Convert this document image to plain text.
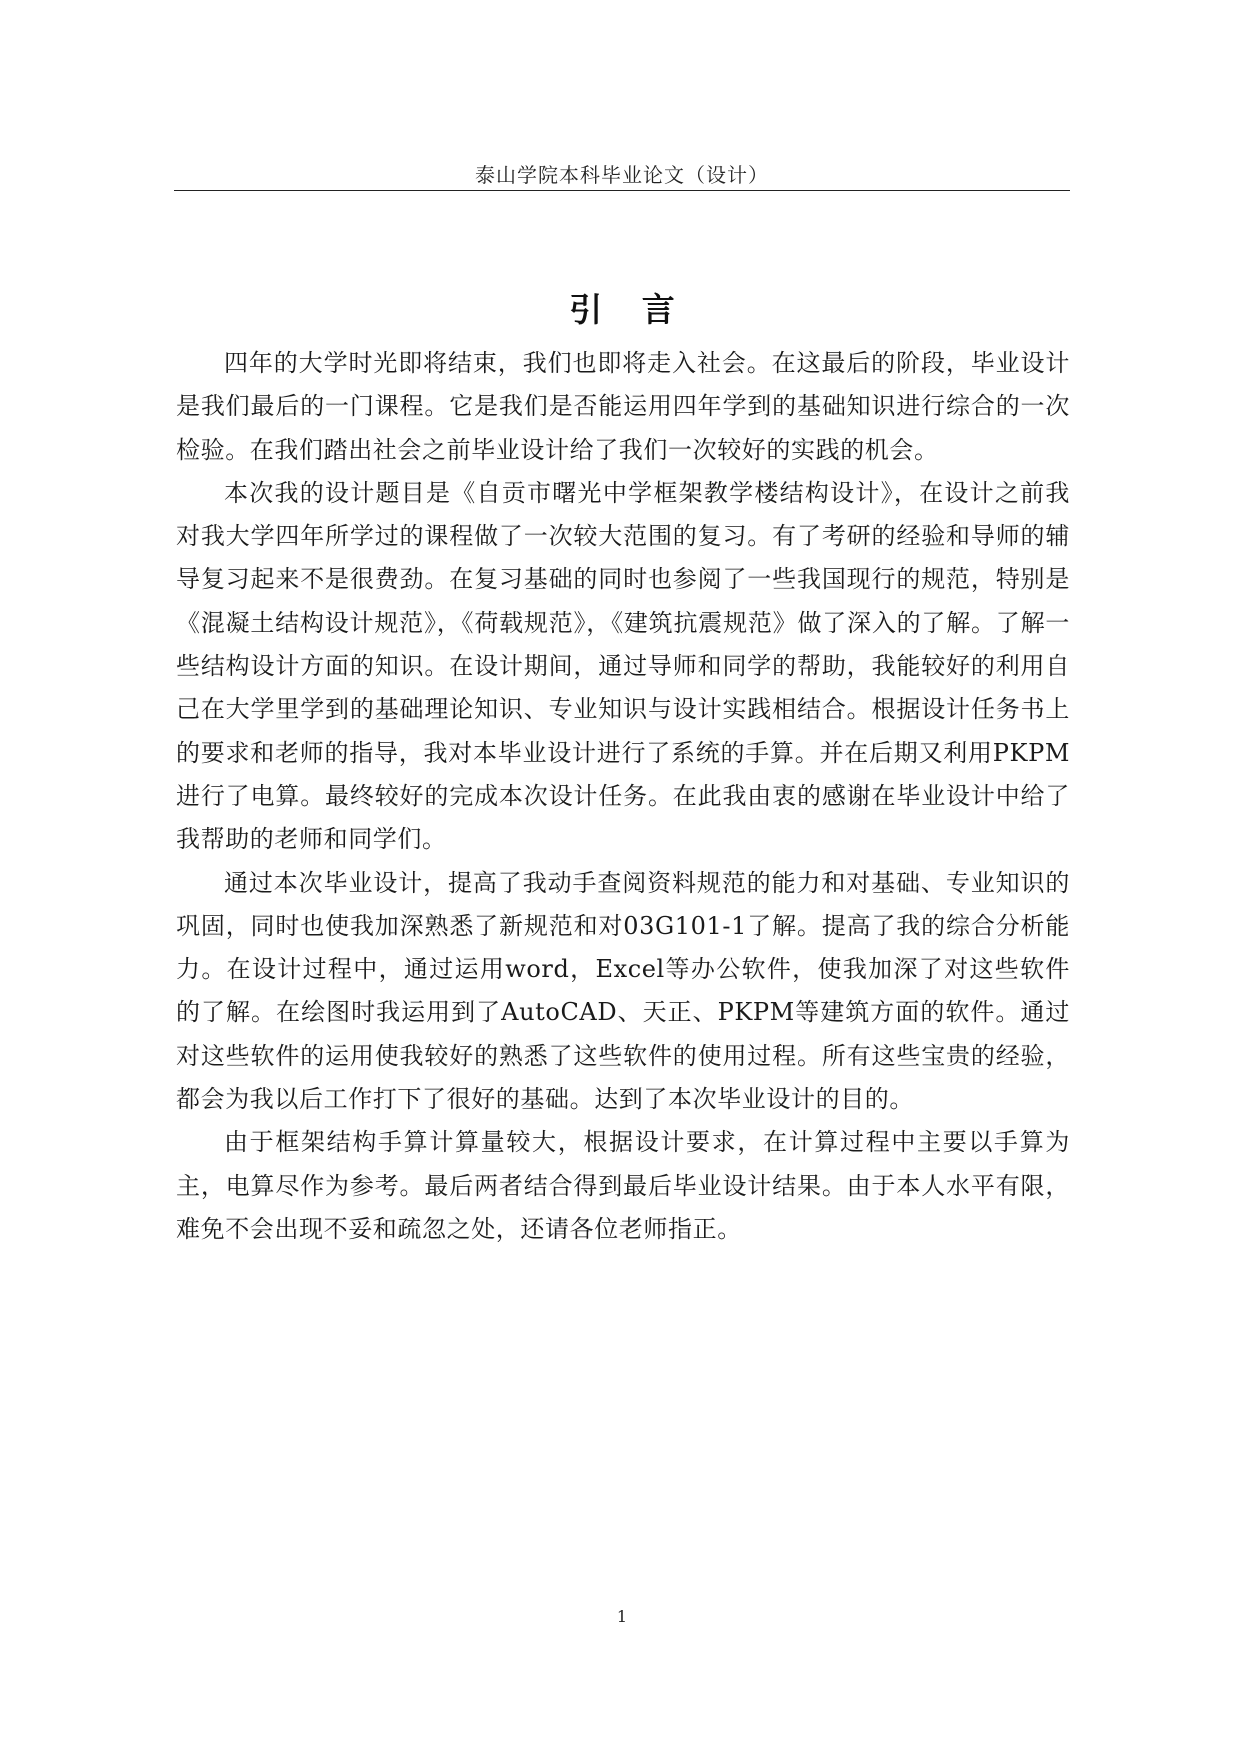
泰山学院本科毕业论文（设计）
引 言

四年的大学时光即将结束，我们也即将走入社会。在这最后的阶段，毕业设计是我们最后的一门课程。它是我们是否能运用四年学到的基础知识进行综合的一次检验。在我们踏出社会之前毕业设计给了我们一次较好的实践的机会。

本次我的设计题目是《自贡市曙光中学框架教学楼结构设计》，在设计之前我对我大学四年所学过的课程做了一次较大范围的复习。有了考研的经验和导师的辅导复习起来不是很费劲。在复习基础的同时也参阅了一些我国现行的规范，特别是《混凝土结构设计规范》，《荷载规范》，《建筑抗震规范》做了深入的了解。了解一些结构设计方面的知识。在设计期间，通过导师和同学的帮助，我能较好的利用自己在大学里学到的基础理论知识、专业知识与设计实践相结合。根据设计任务书上的要求和老师的指导，我对本毕业设计进行了系统的手算。并在后期又利用PKPM进行了电算。最终较好的完成本次设计任务。在此我由衷的感谢在毕业设计中给了我帮助的老师和同学们。

通过本次毕业设计，提高了我动手查阅资料规范的能力和对基础、专业知识的巩固，同时也使我加深熟悉了新规范和对03G101-1了解。提高了我的综合分析能力。在设计过程中，通过运用word，Excel等办公软件，使我加深了对这些软件的了解。在绘图时我运用到了AutoCAD、天正、PKPM等建筑方面的软件。通过对这些软件的运用使我较好的熟悉了这些软件的使用过程。所有这些宝贵的经验，都会为我以后工作打下了很好的基础。达到了本次毕业设计的目的。

由于框架结构手算计算量较大，根据设计要求，在计算过程中主要以手算为主，电算尽作为参考。最后两者结合得到最后毕业设计结果。由于本人水平有限，难免不会出现不妥和疏忽之处，还请各位老师指正。

1
